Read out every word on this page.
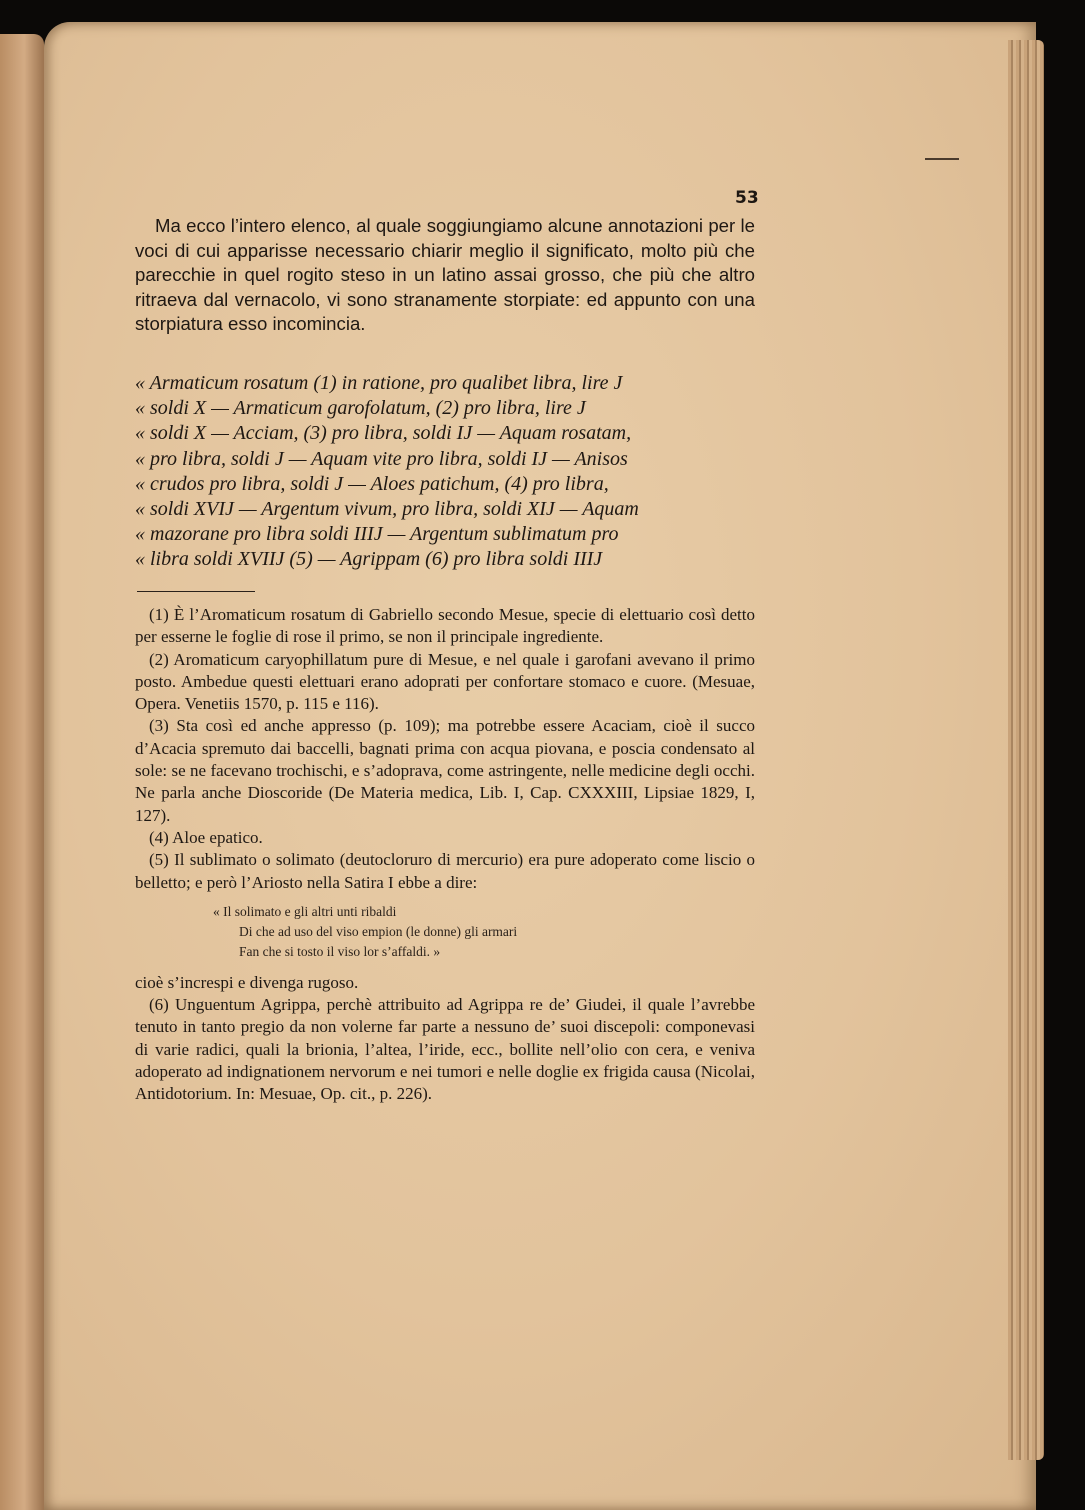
53

Ma ecco l’intero elenco, al quale soggiungiamo alcune annotazioni per le voci di cui apparisse necessario chiarir meglio il significato, molto più che parecchie in quel rogito steso in un latino assai grosso, che più che altro ritraeva dal vernacolo, vi sono stranamente storpiate: ed appunto con una storpiatura esso incomincia.

« Armaticum rosatum (1) in ratione, pro qualibet libra, lire J
« soldi X — Armaticum garofolatum, (2) pro libra, lire J
« soldi X — Acciam, (3) pro libra, soldi IJ — Aquam rosatam,
« pro libra, soldi J — Aquam vite pro libra, soldi IJ — Anisos
« crudos pro libra, soldi J — Aloes patichum, (4) pro libra,
« soldi XVIJ — Argentum vivum, pro libra, soldi XIJ — Aquam
« mazorane pro libra soldi IIIJ — Argentum sublimatum pro
« libra soldi XVIIJ (5) — Agrippam (6) pro libra soldi IIIJ

(1) È l’Aromaticum rosatum di Gabriello secondo Mesue, specie di elettuario così detto per esserne le foglie di rose il primo, se non il principale ingrediente.

(2) Aromaticum caryophillatum pure di Mesue, e nel quale i garofani avevano il primo posto. Ambedue questi elettuari erano adoprati per confortare stomaco e cuore. (Mesuae, Opera. Venetiis 1570, p. 115 e 116).

(3) Sta così ed anche appresso (p. 109); ma potrebbe essere Acaciam, cioè il succo d’Acacia spremuto dai baccelli, bagnati prima con acqua piovana, e poscia condensato al sole: se ne facevano trochischi, e s’adoprava, come astringente, nelle medicine degli occhi. Ne parla anche Dioscoride (De Materia medica, Lib. I, Cap. CXXXIII, Lipsiae 1829, I, 127).

(4) Aloe epatico.

(5) Il sublimato o solimato (deutocloruro di mercurio) era pure adoperato come liscio o belletto; e però l’Ariosto nella Satira I ebbe a dire:

« Il solimato e gli altri unti ribaldi
Di che ad uso del viso empion (le donne) gli armari
Fan che si tosto il viso lor s’affaldi. »

cioè s’increspi e divenga rugoso.

(6) Unguentum Agrippa, perchè attribuito ad Agrippa re de’ Giudei, il quale l’avrebbe tenuto in tanto pregio da non volerne far parte a nessuno de’ suoi discepoli: componevasi di varie radici, quali la brionia, l’altea, l’iride, ecc., bollite nell’olio con cera, e veniva adoperato ad indignationem nervorum e nei tumori e nelle doglie ex frigida causa (Nicolai, Antidotorium. In: Mesuae, Op. cit., p. 226).
